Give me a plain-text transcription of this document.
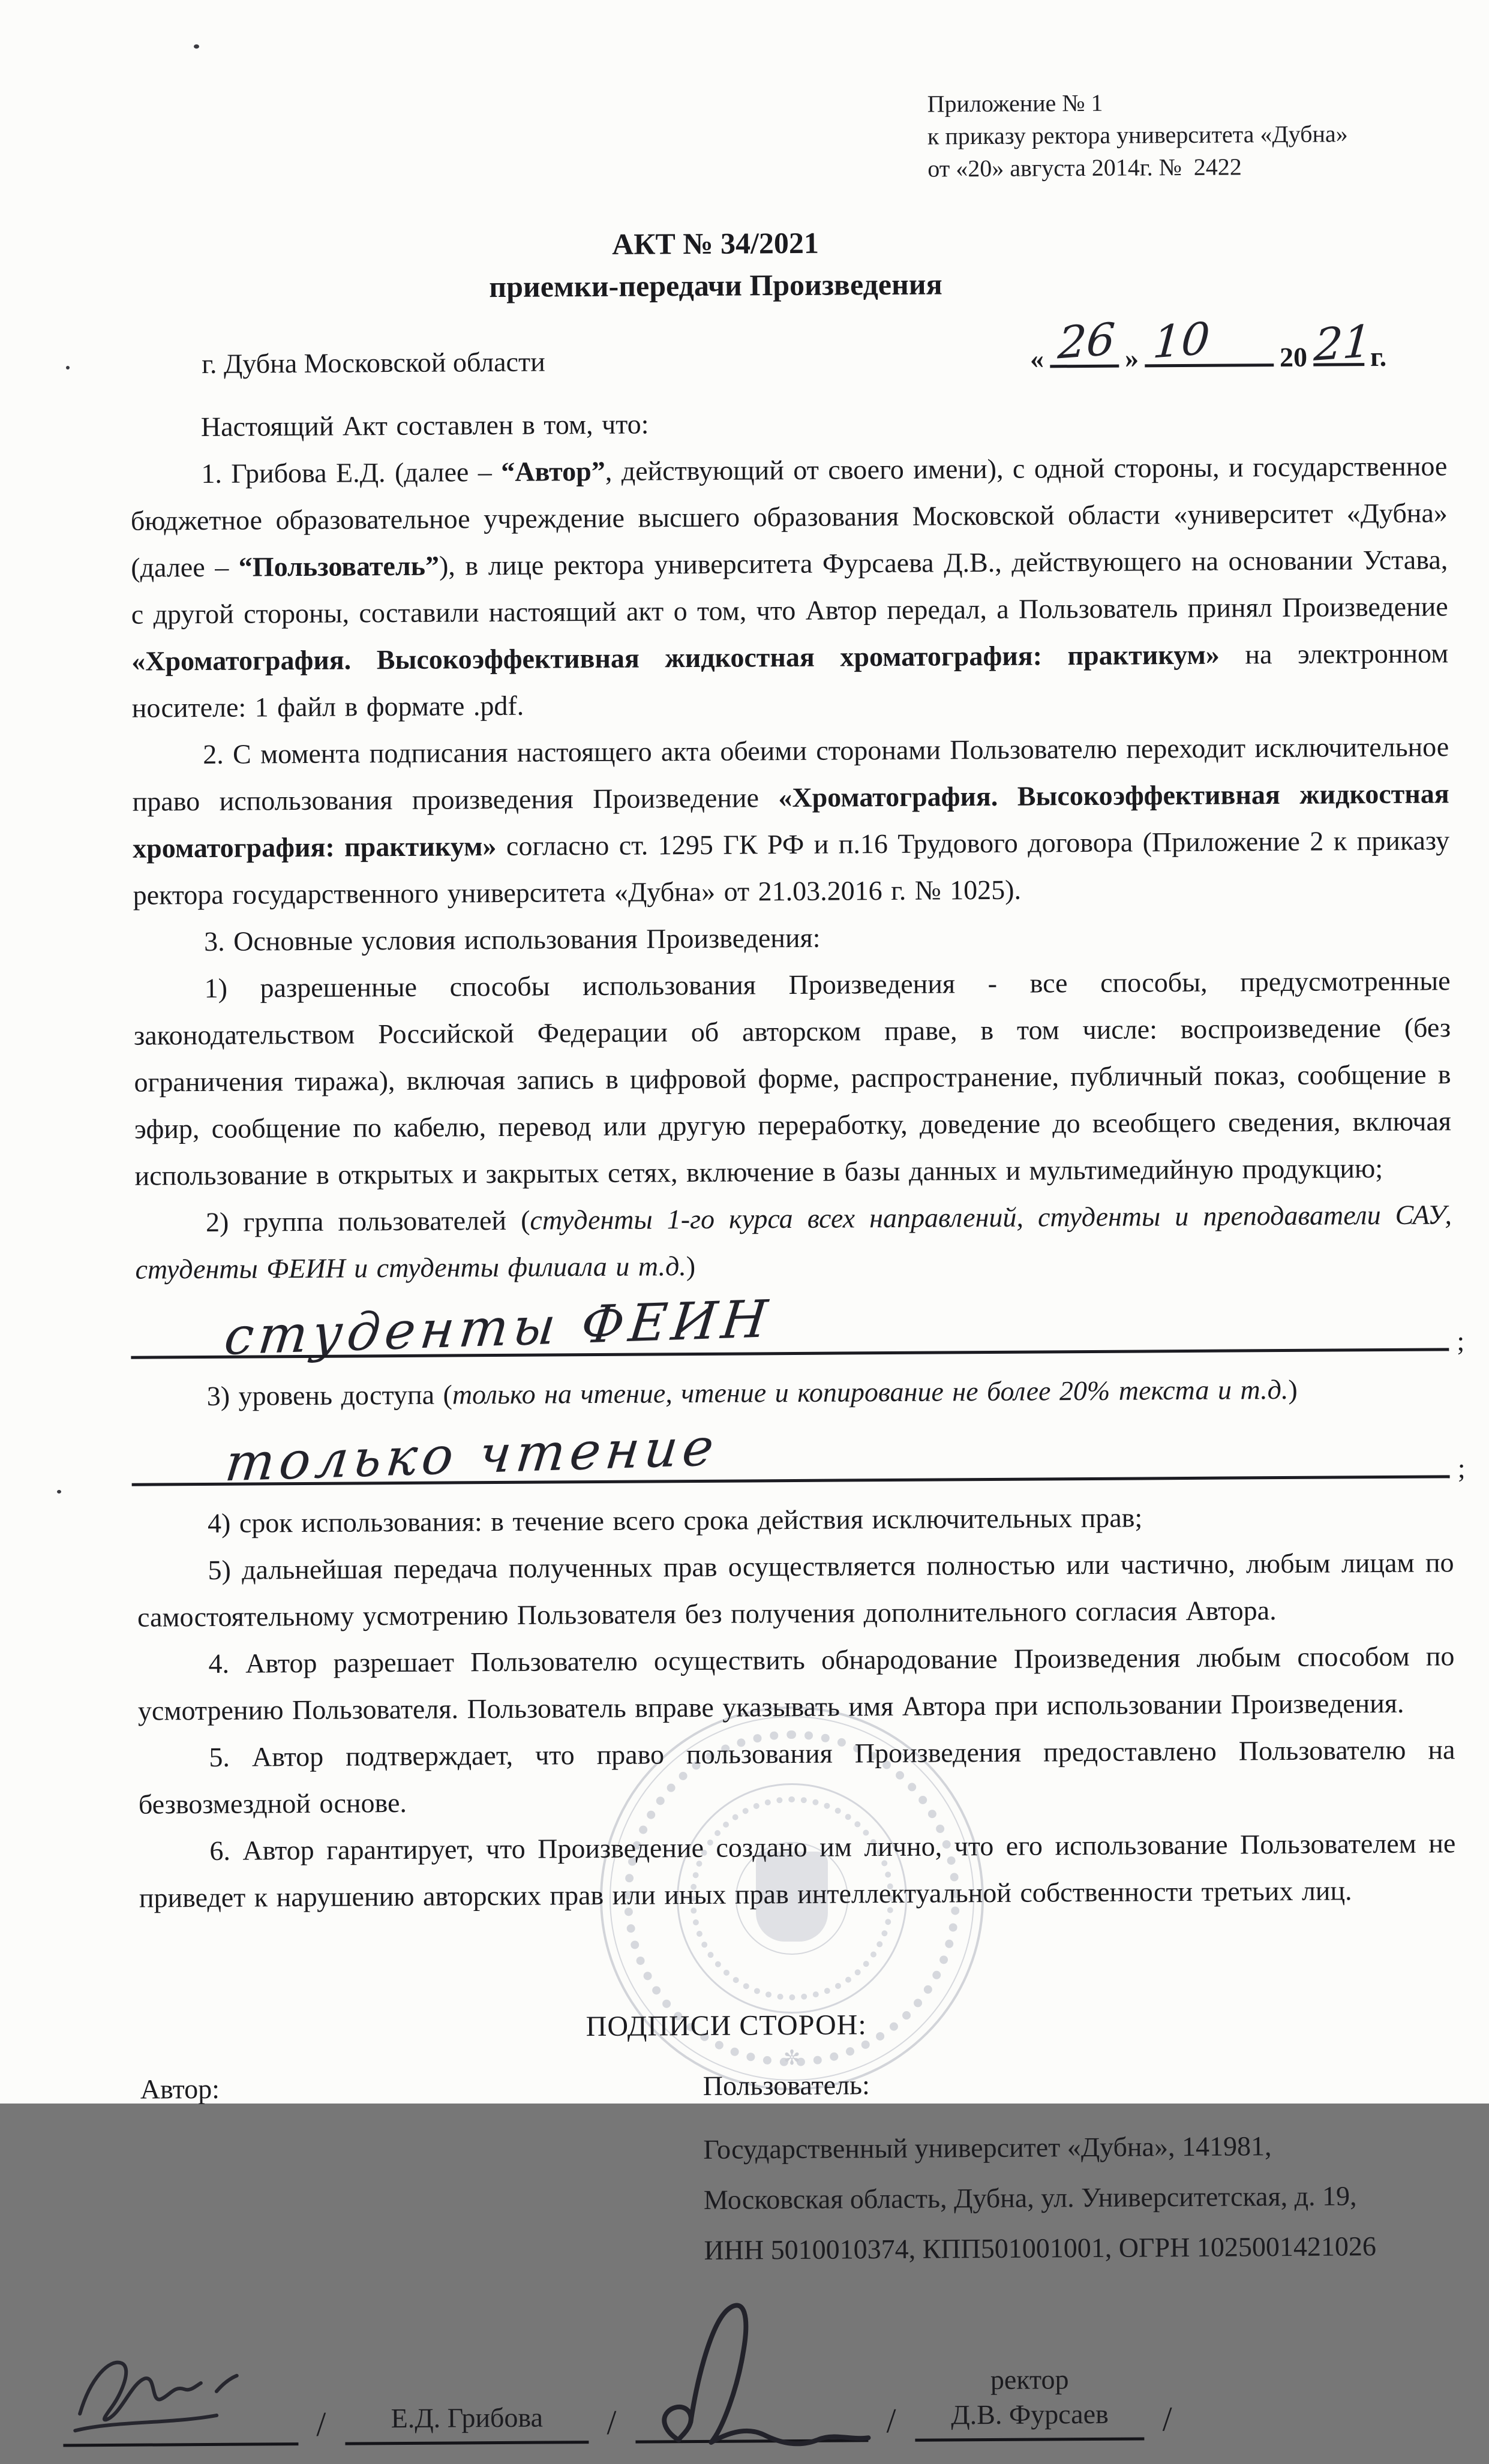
✼
Приложение № 1
к приказу ректора университета «Дубна»
от «20» августа 2014г. №  2422
АКТ № 34/2021
приемки-передачи Произведения
г. Дубна Московской области	« 26 » 10 20 21
г.

Настоящий Акт составлен в том, что:

1. Грибова Е.Д. (далее – “Автор”, действующий от своего имени), с одной стороны, и государственное бюджетное образовательное учреждение высшего образования Московской области «университет «Дубна» (далее – “Пользователь”), в лице ректора университета Фурсаева Д.В., действующего на основании Устава, с другой стороны, составили настоящий акт о том, что Автор передал, а Пользователь принял Произведение «Хроматография. Высокоэффективная жидкостная хроматография: практикум» на электронном носителе: 1 файл в формате .pdf.

2. С момента подписания настоящего акта обеими сторонами Пользователю переходит исключительное право использования произведения Произведение «Хроматография. Высокоэффективная жидкостная хроматография: практикум» согласно ст. 1295 ГК РФ и п.16 Трудового договора (Приложение 2 к приказу ректора государственного университета «Дубна» от 21.03.2016 г. № 1025).

3. Основные условия использования Произведения:

1) разрешенные способы использования Произведения - все способы, предусмотренные законодательством Российской Федерации об авторском праве, в том числе: воспроизведение (без ограничения тиража), включая запись в цифровой форме, распространение, публичный показ, сообщение в эфир, сообщение по кабелю, перевод или другую переработку, доведение до всеобщего сведения, включая использование в открытых и закрытых сетях, включение в базы данных и мультимедийную продукцию;

2) группа пользователей (студенты 1-го курса всех направлений, студенты и преподаватели САУ, студенты ФЕИН и студенты филиала и т.д.)

студенты ФЕИН	;

3) уровень доступа (только на чтение, чтение и копирование не более 20% текста и т.д.)

только чтение	;

4) срок использования: в течение всего срока действия исключительных прав;

5) дальнейшая передача полученных прав осуществляется полностью или частично, любым лицам по самостоятельному усмотрению Пользователя без получения дополнительного согласия Автора.

4. Автор разрешает Пользователю осуществить обнародование Произведения любым способом по усмотрению Пользователя. Пользователь вправе указывать имя Автора при использовании Произведения.

5. Автор подтверждает, что право пользования Произведения предоставлено Пользователю на безвозмездной основе.

6. Автор гарантирует, что Произведение создано им лично, что его использование Пользователем не приведет к нарушению авторских прав или иных прав интеллектуальной собственности третьих лиц.

ПОДПИСИ СТОРОН:
Автор:	Пользователь:
Государственный университет «Дубна», 141981,
Московская область, Дубна, ул. Университетская, д. 19,
ИНН 5010010374, КПП501001001, ОГРН 1025001421026
/ Е.Д. Грибова /	/
ректор
Д.В. Фурсаев /
